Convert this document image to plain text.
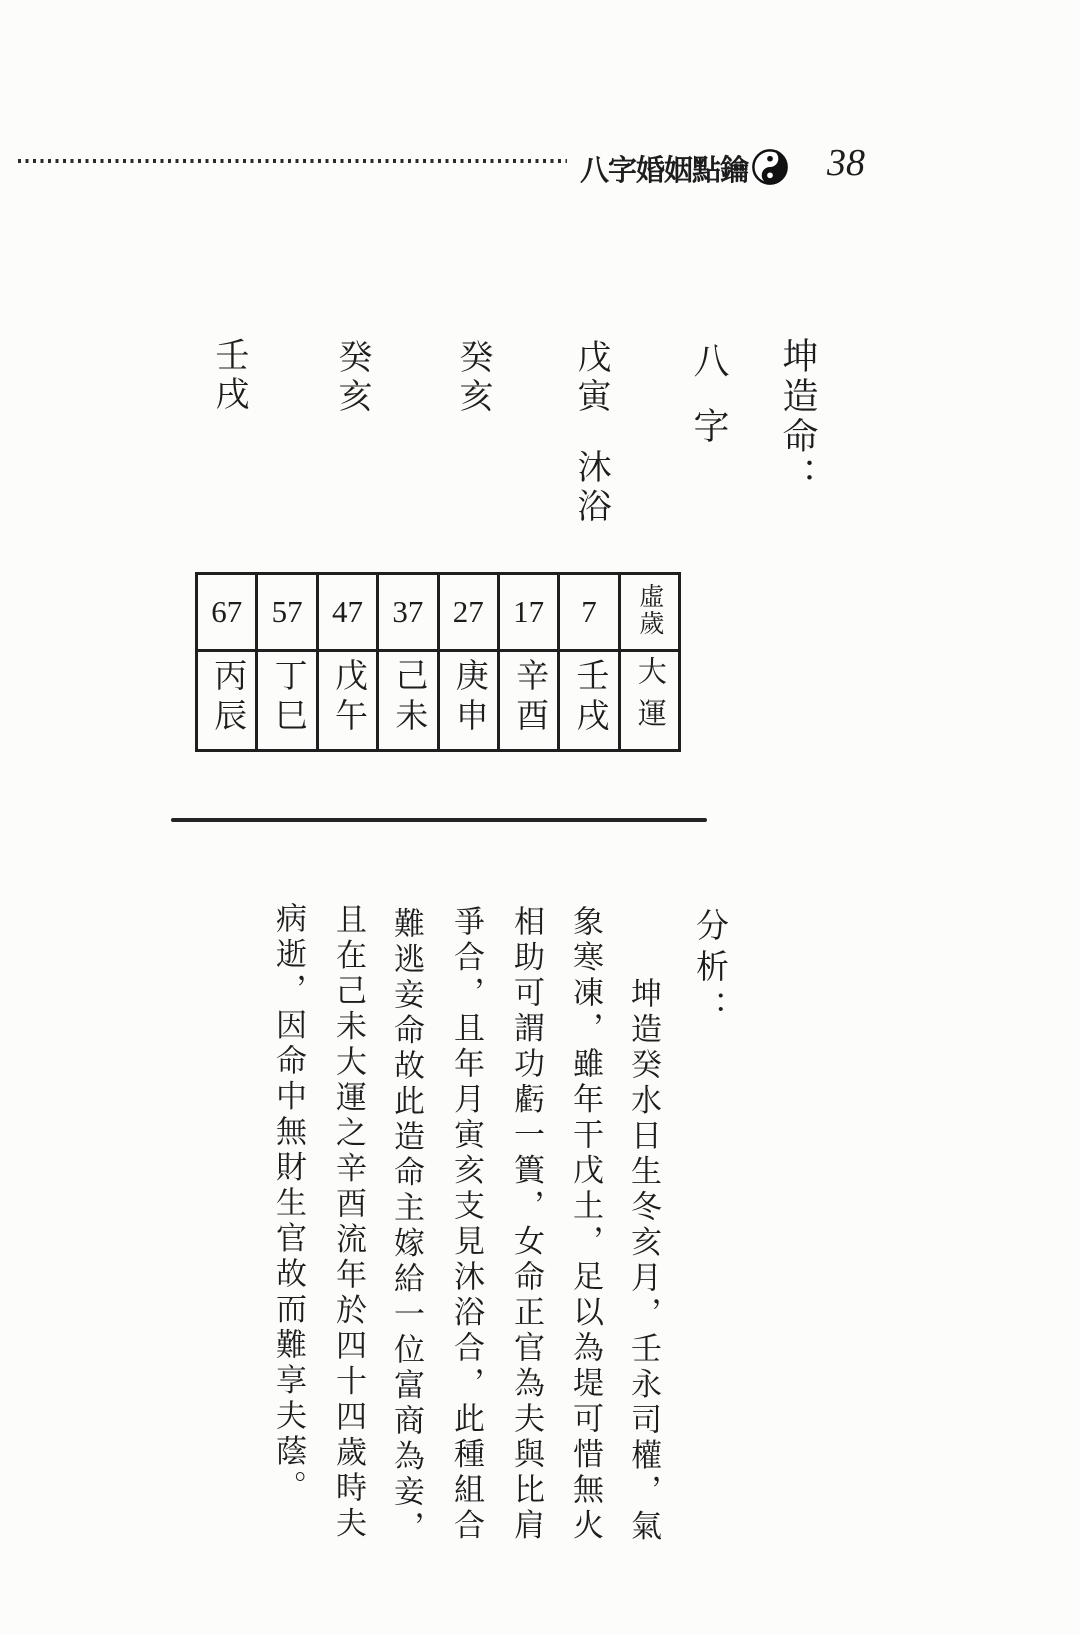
八字婚姻點鑰 38
坤造命：
八字
戊寅
沐浴
癸亥
癸亥
壬戌
67	57	47	37	27	17	7	虛歲
丙辰	丁巳	戊午	己未	庚申	辛酉	壬戌	大運
分析：
坤造癸水日生冬亥月，壬永司權，氣
象寒凍，雖年干戊土，足以為堤可惜無火
相助可謂功虧一簣，女命正官為夫與比肩
爭合，且年月寅亥支見沐浴合，此種組合
難逃妾命故此造命主嫁給一位富商為妾，
且在己未大運之辛酉流年於四十四歲時夫
病逝，因命中無財生官故而難享夫蔭。
